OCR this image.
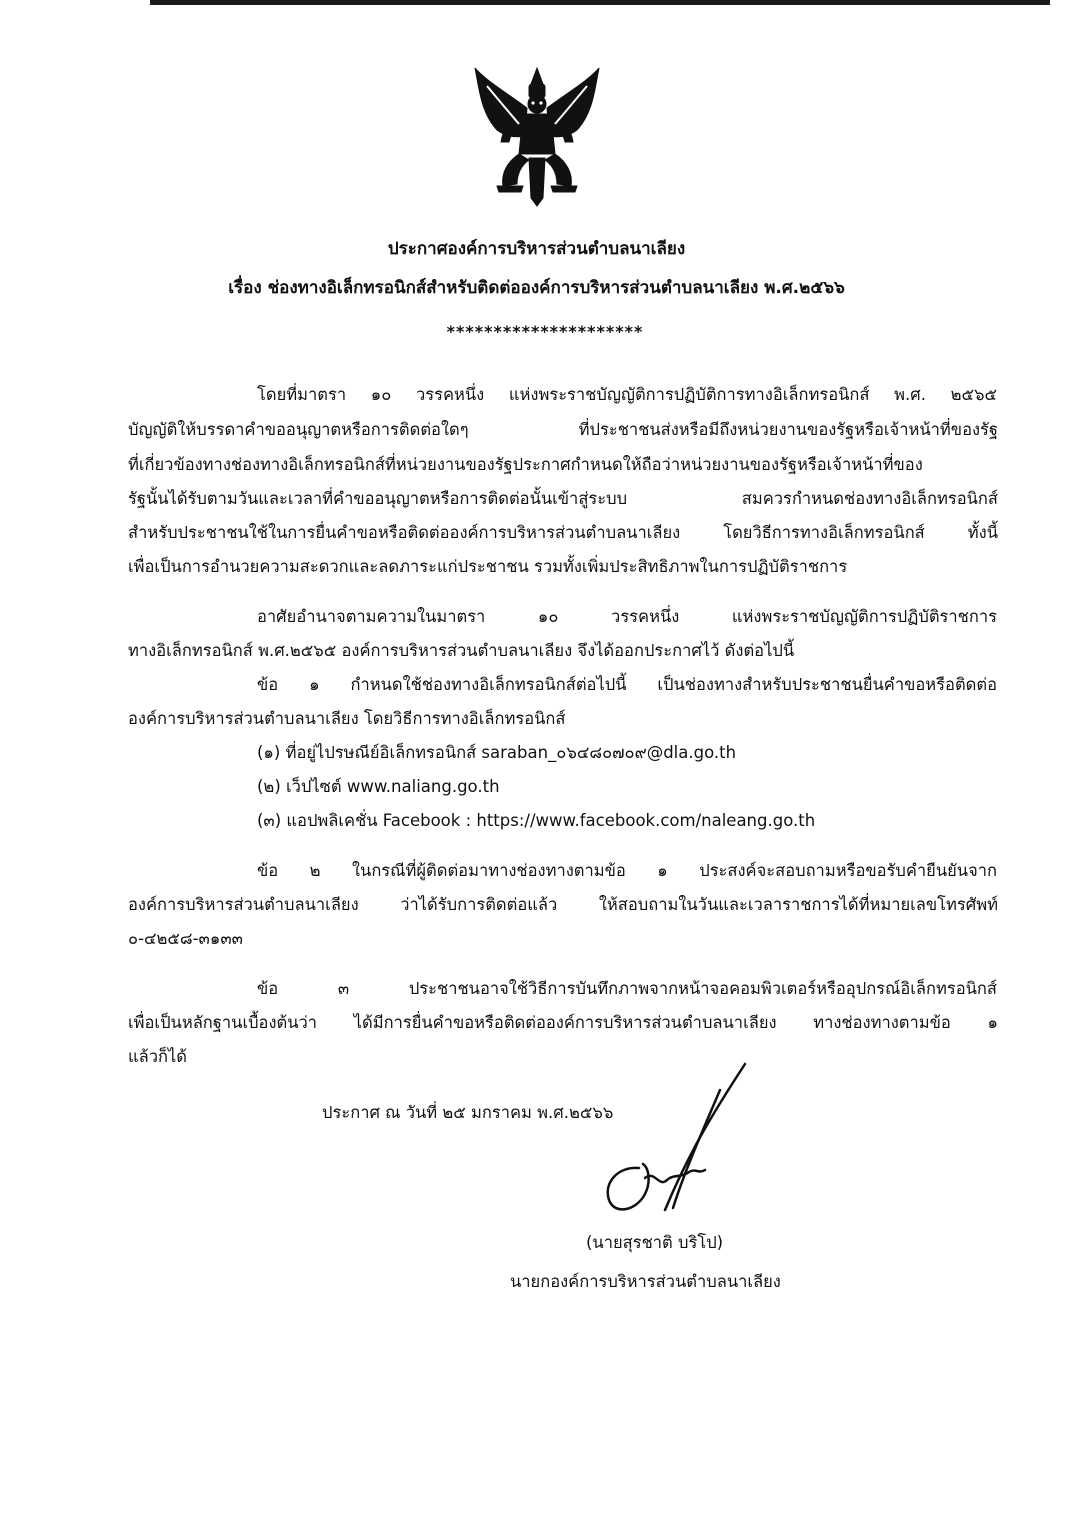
ประกาศองค์การบริหารส่วนตำบลนาเลียง
เรื่อง ช่องทางอิเล็กทรอนิกส์สำหรับติดต่อองค์การบริหารส่วนตำบลนาเลียง พ.ศ.๒๕๖๖
*********************
โดยที่มาตรา ๑๐ วรรคหนึ่ง แห่งพระราชบัญญัติการปฏิบัติการทางอิเล็กทรอนิกส์ พ.ศ. ๒๕๖๕
บัญญัติให้บรรดาคำขออนุญาตหรือการติดต่อใดๆ ที่ประชาชนส่งหรือมีถึงหน่วยงานของรัฐหรือเจ้าหน้าที่ของรัฐ
ที่เกี่ยวข้องทางช่องทางอิเล็กทรอนิกส์ที่หน่วยงานของรัฐประกาศกำหนดให้ถือว่าหน่วยงานของรัฐหรือเจ้าหน้าที่ของ
รัฐนั้นได้รับตามวันและเวลาที่คำขออนุญาตหรือการติดต่อนั้นเข้าสู่ระบบ สมควรกำหนดช่องทางอิเล็กทรอนิกส์
สำหรับประชาชนใช้ในการยื่นคำขอหรือติดต่อองค์การบริหารส่วนตำบลนาเลียง โดยวิธีการทางอิเล็กทรอนิกส์ ทั้งนี้
เพื่อเป็นการอำนวยความสะดวกและลดภาระแก่ประชาชน รวมทั้งเพิ่มประสิทธิภาพในการปฏิบัติราชการ
อาศัยอำนาจตามความในมาตรา ๑๐ วรรคหนึ่ง แห่งพระราชบัญญัติการปฏิบัติราชการ
ทางอิเล็กทรอนิกส์ พ.ศ.๒๕๖๕ องค์การบริหารส่วนตำบลนาเลียง จึงได้ออกประกาศไว้ ดังต่อไปนี้
ข้อ ๑ กำหนดใช้ช่องทางอิเล็กทรอนิกส์ต่อไปนี้ เป็นช่องทางสำหรับประชาชนยื่นคำขอหรือติดต่อ
องค์การบริหารส่วนตำบลนาเลียง โดยวิธีการทางอิเล็กทรอนิกส์
(๑) ที่อยู่ไปรษณีย์อิเล็กทรอนิกส์ saraban_๐๖๔๘๐๗๐๙@dla.go.th
(๒) เว็ปไซต์ www.naliang.go.th
(๓) แอปพลิเคชั่น Facebook : https://www.facebook.com/naleang.go.th
ข้อ ๒ ในกรณีที่ผู้ติดต่อมาทางช่องทางตามข้อ ๑ ประสงค์จะสอบถามหรือขอรับคำยืนยันจาก
องค์การบริหารส่วนตำบลนาเลียง ว่าได้รับการติดต่อแล้ว ให้สอบถามในวันและเวลาราชการได้ที่หมายเลขโทรศัพท์
๐-๔๒๕๘-๓๑๓๓
ข้อ ๓ ประชาชนอาจใช้วิธีการบันทึกภาพจากหน้าจอคอมพิวเตอร์หรืออุปกรณ์อิเล็กทรอนิกส์
เพื่อเป็นหลักฐานเบื้องต้นว่า ได้มีการยื่นคำขอหรือติดต่อองค์การบริหารส่วนตำบลนาเลียง ทางช่องทางตามข้อ ๑
แล้วก็ได้
ประกาศ ณ วันที่ ๒๕ มกราคม พ.ศ.๒๕๖๖
(นายสุรชาติ บริโป)
นายกองค์การบริหารส่วนตำบลนาเลียง
